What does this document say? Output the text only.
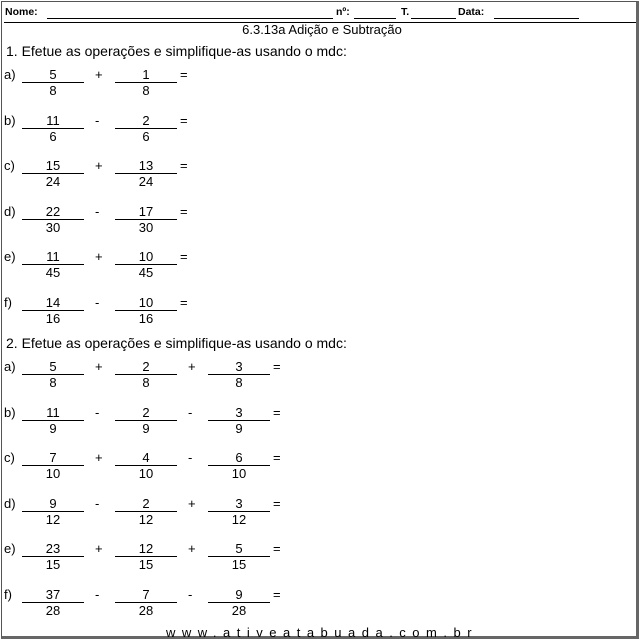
Nome:	nº:	T.	Data:
6.3.13a Adição e Subtração
1. Efetue as operações e simplifique-as usando o mdc:
$a) \frac{5}{8} + \frac{1}{8}$ =
$b) \frac{11}{6} - \frac{2}{6}$ =
$c) \frac{15}{24} + \frac{13}{24}$ =
$d) \frac{22}{30} - \frac{17}{30}$ =
$e) \frac{11}{45} + \frac{10}{45}$ =
$f) \frac{14}{16} - \frac{10}{16}$ =
2. Efetue as operações e simplifique-as usando o mdc:
$a) \frac{5}{8} + \frac{2}{8} + \frac{3}{8}$ =
$b) \frac{11}{9} - \frac{2}{9} - \frac{3}{9}$ =
$c) \frac{7}{10} + \frac{4}{10} - \frac{6}{10}$ =
$d) \frac{9}{12} - \frac{2}{12} + \frac{3}{12}$ =
$e) \frac{23}{15} + \frac{12}{15} + \frac{5}{15}$ =
$f) \frac{37}{28} - \frac{7}{28} - \frac{9}{28}$ =
www.ativeatabuada.com.br
